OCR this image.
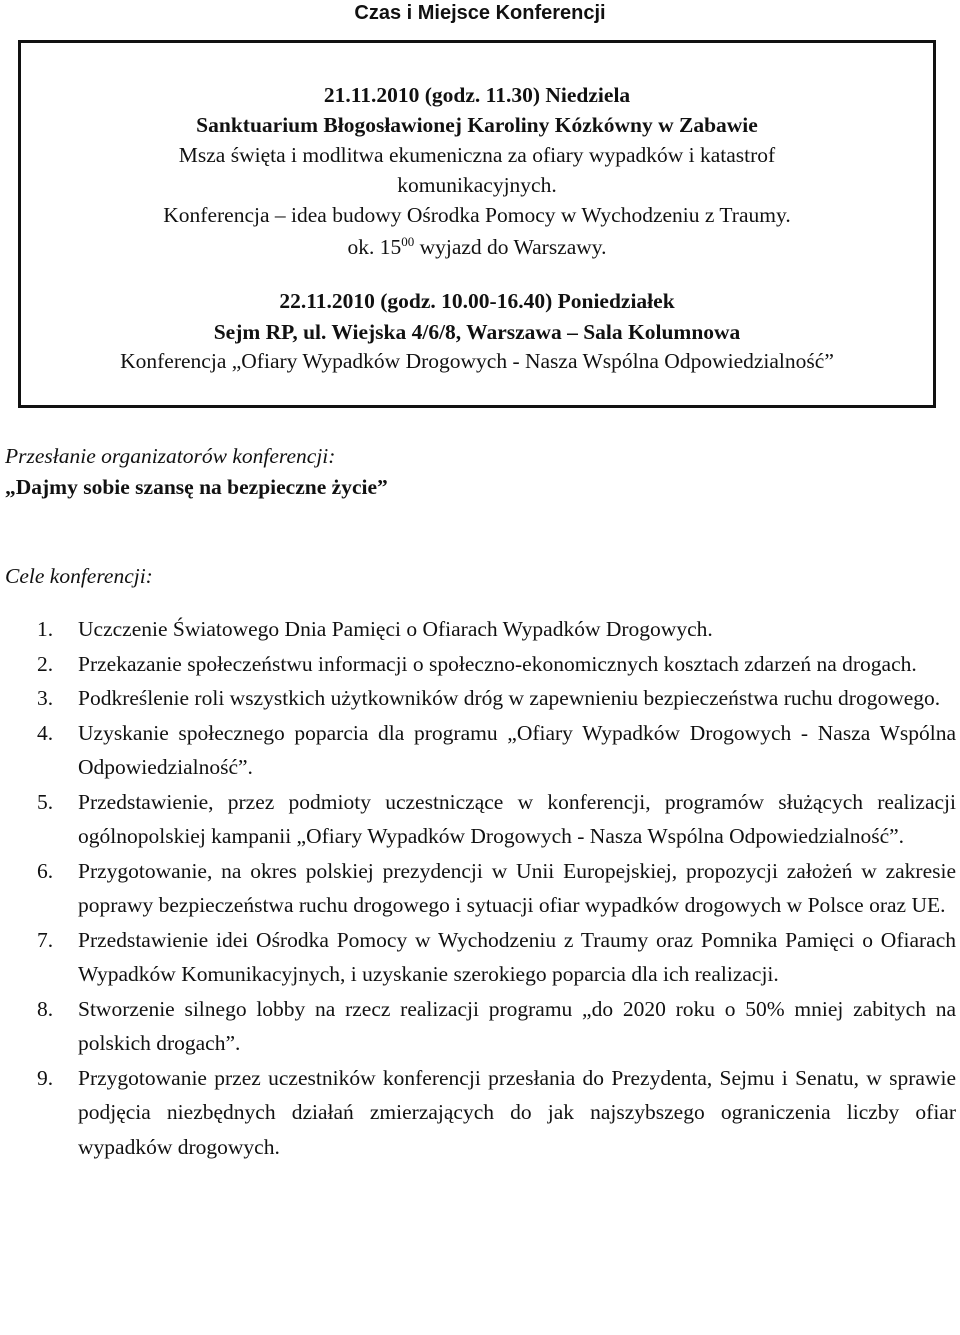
Czas i Miejsce Konferencji
21.11.2010 (godz. 11.30) Niedziela
Sanktuarium Błogosławionej Karoliny Kózkówny w Zabawie
Msza święta i modlitwa ekumeniczna za ofiary wypadków i katastrof
komunikacyjnych.
Konferencja – idea budowy Ośrodka Pomocy w Wychodzeniu z Traumy.
ok. $15^{00}$ wyjazd do Warszawy.
22.11.2010 (godz. 10.00-16.40) Poniedziałek
Sejm RP, ul. Wiejska 4/6/8, Warszawa – Sala Kolumnowa
Konferencja „Ofiary Wypadków Drogowych - Nasza Wspólna Odpowiedzialność”
Przesłanie organizatorów konferencji:
„Dajmy sobie szansę na bezpieczne życie”
Cele konferencji:
1. Uczczenie Światowego Dnia Pamięci o Ofiarach Wypadków Drogowych.
2. Przekazanie społeczeństwu informacji o społeczno-ekonomicznych kosztach zdarzeń na drogach.
3. Podkreślenie roli wszystkich użytkowników dróg w zapewnieniu bezpieczeństwa ruchu drogowego.
4. Uzyskanie społecznego poparcia dla programu „Ofiary Wypadków Drogowych - Nasza Wspólna Odpowiedzialność”.
5. Przedstawienie, przez podmioty uczestniczące w konferencji, programów służących realizacji ogólnopolskiej kampanii „Ofiary Wypadków Drogowych - Nasza Wspólna Odpowiedzialność”.
6. Przygotowanie, na okres polskiej prezydencji w Unii Europejskiej, propozycji założeń w zakresie poprawy bezpieczeństwa ruchu drogowego i sytuacji ofiar wypadków drogowych w Polsce oraz UE.
7. Przedstawienie idei Ośrodka Pomocy w Wychodzeniu z Traumy oraz Pomnika Pamięci o Ofiarach Wypadków Komunikacyjnych, i uzyskanie szerokiego poparcia dla ich realizacji.
8. Stworzenie silnego lobby na rzecz realizacji programu „do 2020 roku o 50% mniej zabitych na polskich drogach”.
9. Przygotowanie przez uczestników konferencji przesłania do Prezydenta, Sejmu i Senatu, w sprawie podjęcia niezbędnych działań zmierzających do jak najszybszego ograniczenia liczby ofiar wypadków drogowych.
